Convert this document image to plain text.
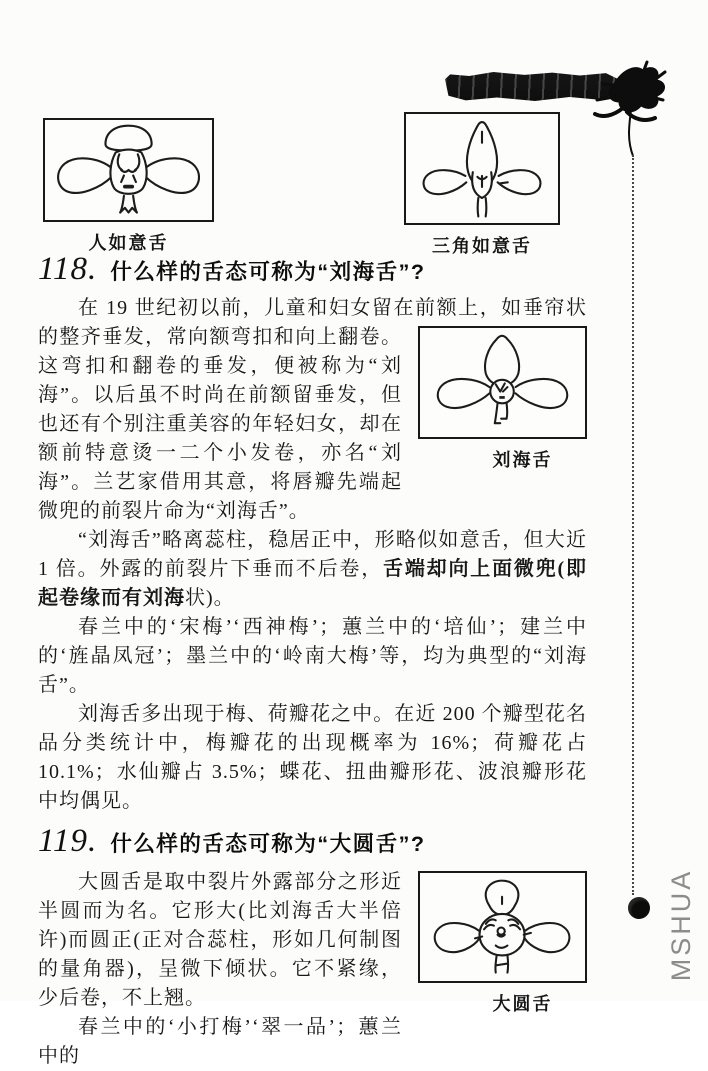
MSHUA
人如意舌	三角如意舌
118. 什么样的舌态可称为“刘海舌”?

在 19 世纪初以前，儿童和妇女留在前额上，如垂帘状的整齐垂
刘海舌
发，常向额弯扣和向上翻卷。这弯扣和翻卷的垂发，便被称为“刘海”。以后虽不时尚在前额留垂发，但也还有个别注重美容的年轻妇女，却在额前特意烫一二个小发卷，亦名“刘海”。兰艺家借用其意，将唇瓣先端起微兜的前裂片命为“刘海舌”。

“刘海舌”略离蕊柱，稳居正中，形略似如意舌，但大近 1 倍。外露的前裂片下垂而不后卷，舌端却向上面微兜(即起卷缘而有刘海状)。

春兰中的‘宋梅’‘西神梅’；蕙兰中的‘培仙’；建兰中的‘旌晶凤冠’；墨兰中的‘岭南大梅’等，均为典型的“刘海舌”。

刘海舌多出现于梅、荷瓣花之中。在近 200 个瓣型花名品分类统计中，梅瓣花的出现概率为 16%；荷瓣花占 10.1%；水仙瓣占 3.5%；蝶花、扭曲瓣形花、波浪瓣形花中均偶见。

119. 什么样的舌态可称为“大圆舌”?

大圆舌
大圆舌是取中裂片外露部分之形近半圆而为名。它形大(比刘海舌大半倍许)而圆正(正对合蕊柱，形如几何制图的量角器)，呈微下倾状。它不紧缘，少后卷，不上翘。

春兰中的‘小打梅’‘翠一品’；蕙兰中的
